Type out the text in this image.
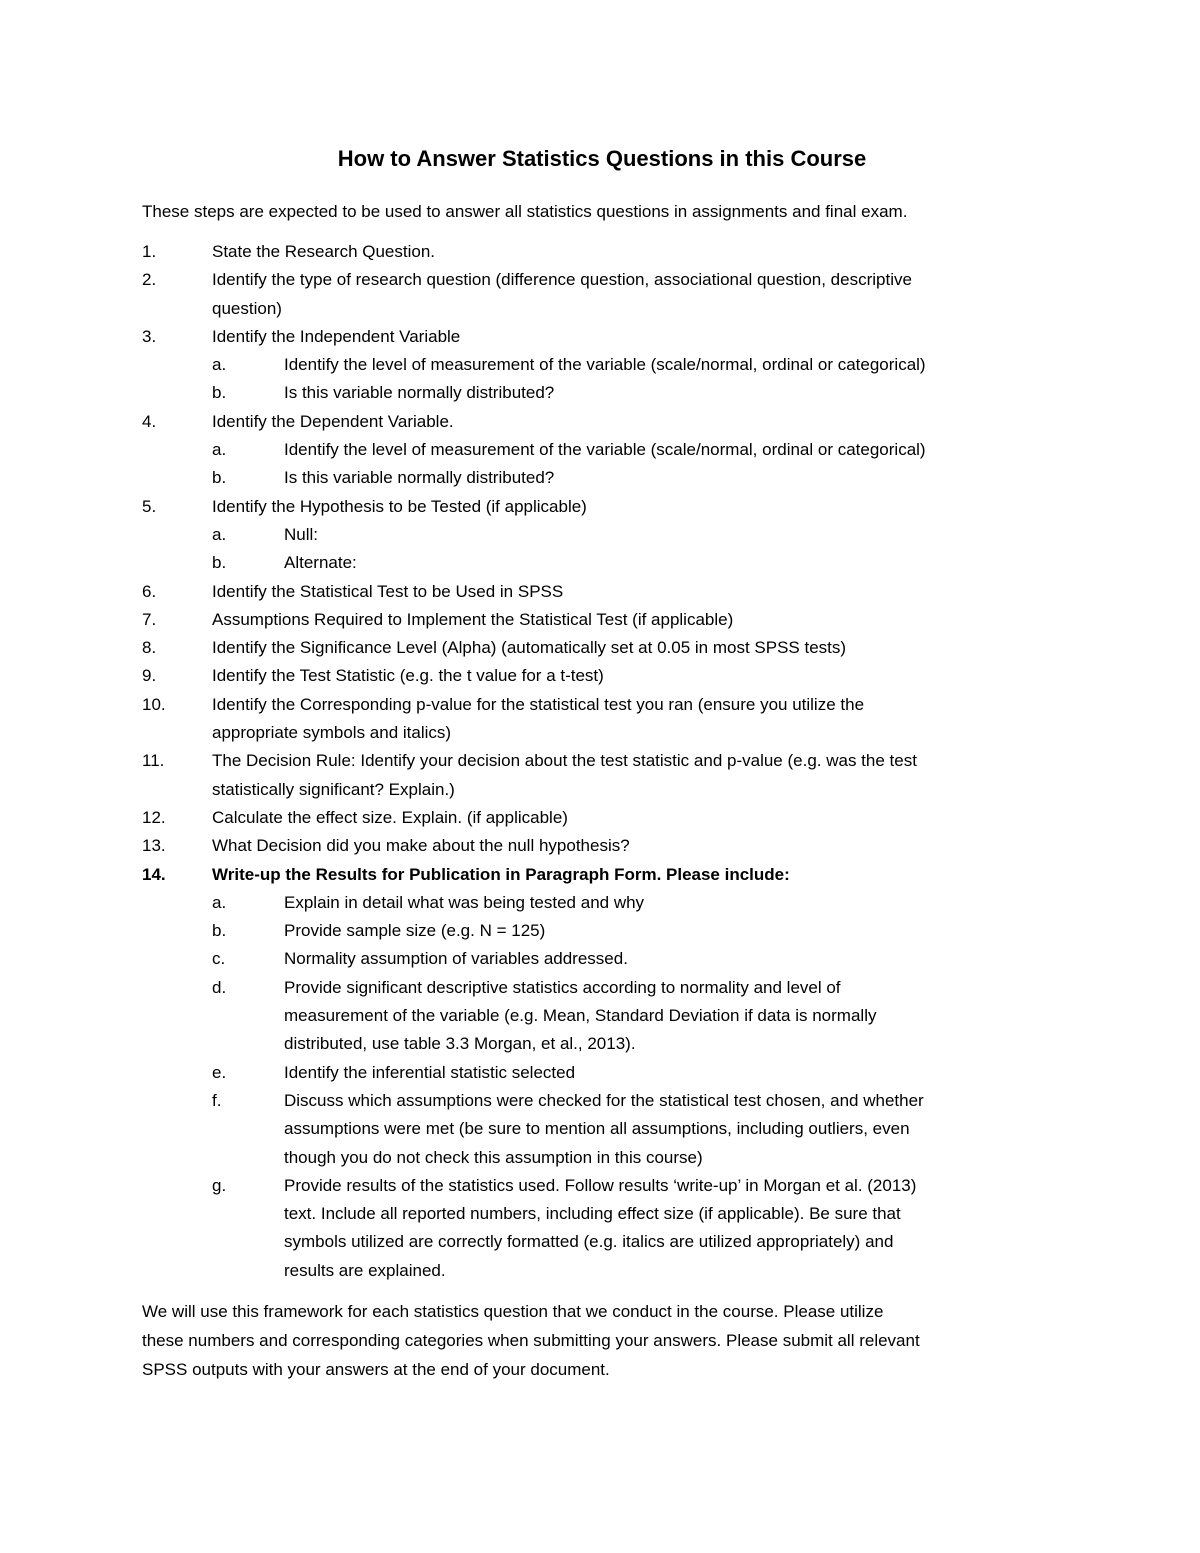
How to Answer Statistics Questions in this Course

These steps are expected to be used to answer all statistics questions in assignments and final exam.

1.	State the Research Question.
2.	Identify the type of research question (difference question, associational question, descriptive
question)
3.	Identify the Independent Variable
a.	Identify the level of measurement of the variable (scale/normal, ordinal or categorical)
b.	Is this variable normally distributed?
4.	Identify the Dependent Variable.
a.	Identify the level of measurement of the variable (scale/normal, ordinal or categorical)
b.	Is this variable normally distributed?
5.	Identify the Hypothesis to be Tested (if applicable)
a.	Null:
b.	Alternate:
6.	Identify the Statistical Test to be Used in SPSS
7.	Assumptions Required to Implement the Statistical Test (if applicable)
8.	Identify the Significance Level (Alpha) (automatically set at 0.05 in most SPSS tests)
9.	Identify the Test Statistic (e.g. the t value for a t-test)
10.	Identify the Corresponding p-value for the statistical test you ran (ensure you utilize the
appropriate symbols and italics)
11.	The Decision Rule: Identify your decision about the test statistic and p-value (e.g. was the test
statistically significant? Explain.)
12.	Calculate the effect size. Explain. (if applicable)
13.	What Decision did you make about the null hypothesis?
14.	Write-up the Results for Publication in Paragraph Form. Please include:
a.	Explain in detail what was being tested and why
b.	Provide sample size (e.g. N = 125)
c.	Normality assumption of variables addressed.
d.	Provide significant descriptive statistics according to normality and level of
measurement of the variable (e.g. Mean, Standard Deviation if data is normally
distributed, use table 3.3 Morgan, et al., 2013).
e.	Identify the inferential statistic selected
f.	Discuss which assumptions were checked for the statistical test chosen, and whether
assumptions were met (be sure to mention all assumptions, including outliers, even
though you do not check this assumption in this course)
g.	Provide results of the statistics used. Follow results ‘write-up’ in Morgan et al. (2013)
text. Include all reported numbers, including effect size (if applicable). Be sure that
symbols utilized are correctly formatted (e.g. italics are utilized appropriately) and
results are explained.

We will use this framework for each statistics question that we conduct in the course. Please utilize
these numbers and corresponding categories when submitting your answers. Please submit all relevant
SPSS outputs with your answers at the end of your document.
